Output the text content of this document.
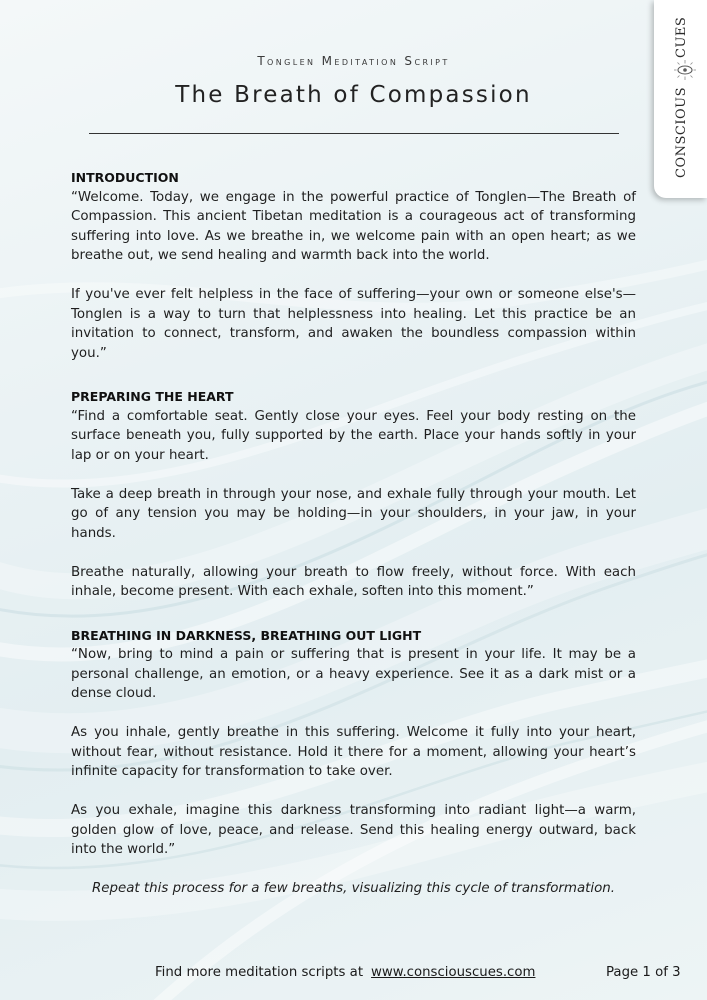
CONSCIOUS
CUES

Tonglen Meditation Script

The Breath of Compassion

INTRODUCTION

“Welcome. Today, we engage in the powerful practice of Tonglen—The Breath of Compassion. This ancient Tibetan meditation is a courageous act of transforming suffering into love. As we breathe in, we welcome pain with an open heart; as we breathe out, we send healing and warmth back into the world.

If you've ever felt helpless in the face of suffering—your own or someone else's—Tonglen is a way to turn that helplessness into healing. Let this practice be an invitation to connect, transform, and awaken the boundless compassion within you.”

PREPARING THE HEART

“Find a comfortable seat. Gently close your eyes. Feel your body resting on the surface beneath you, fully supported by the earth. Place your hands softly in your lap or on your heart.

Take a deep breath in through your nose, and exhale fully through your mouth. Let go of any tension you may be holding—in your shoulders, in your jaw, in your hands.

Breathe naturally, allowing your breath to flow freely, without force. With each inhale, become present. With each exhale, soften into this moment.”

BREATHING IN DARKNESS, BREATHING OUT LIGHT

“Now, bring to mind a pain or suffering that is present in your life. It may be a personal challenge, an emotion, or a heavy experience. See it as a dark mist or a dense cloud.

As you inhale, gently breathe in this suffering. Welcome it fully into your heart, without fear, without resistance. Hold it there for a moment, allowing your heart’s infinite capacity for transformation to take over.

As you exhale, imagine this darkness transforming into radiant light—a warm, golden glow of love, peace, and release. Send this healing energy outward, back into the world.”

Repeat this process for a few breaths, visualizing this cycle of transformation.

Find more meditation scripts at www.consciouscues.com	Page 1 of 3
